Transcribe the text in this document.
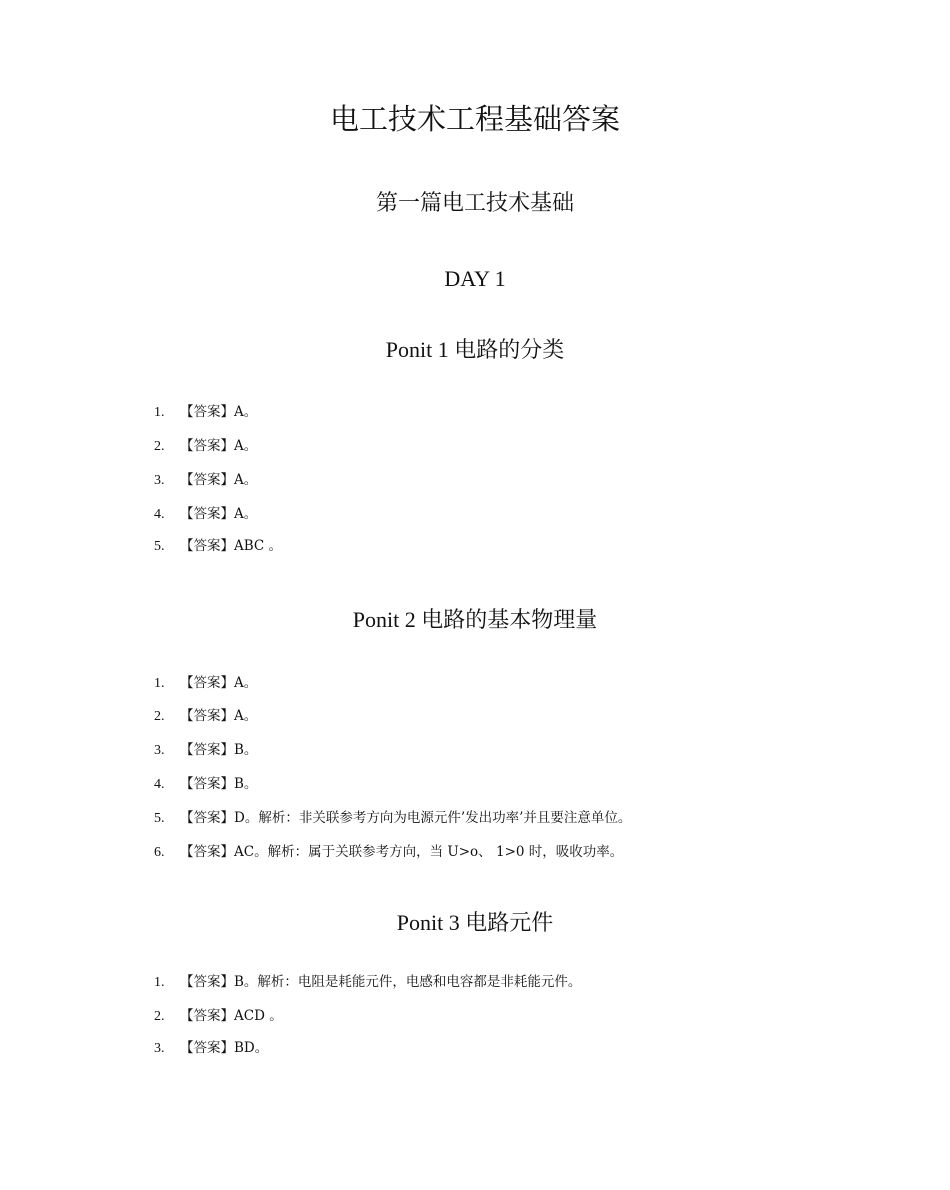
电工技术工程基础答案
第一篇电工技术基础
DAY 1
Ponit 1 电路的分类
1. 【答案】A。
2. 【答案】A。
3. 【答案】A。
4. 【答案】A。
5. 【答案】ABC 。
Ponit 2 电路的基本物理量
1. 【答案】A。
2. 【答案】A。
3. 【答案】B。
4. 【答案】B。
5. 【答案】D。解析：非关联参考方向为电源元件’发出功率’并且要注意单位。
6. 【答案】AC。解析：属于关联参考方向，当 U>o、 1>0 时，吸收功率。
Ponit 3 电路元件
1. 【答案】B。解析：电阻是耗能元件，电感和电容都是非耗能元件。
2. 【答案】ACD 。
3. 【答案】BD。
